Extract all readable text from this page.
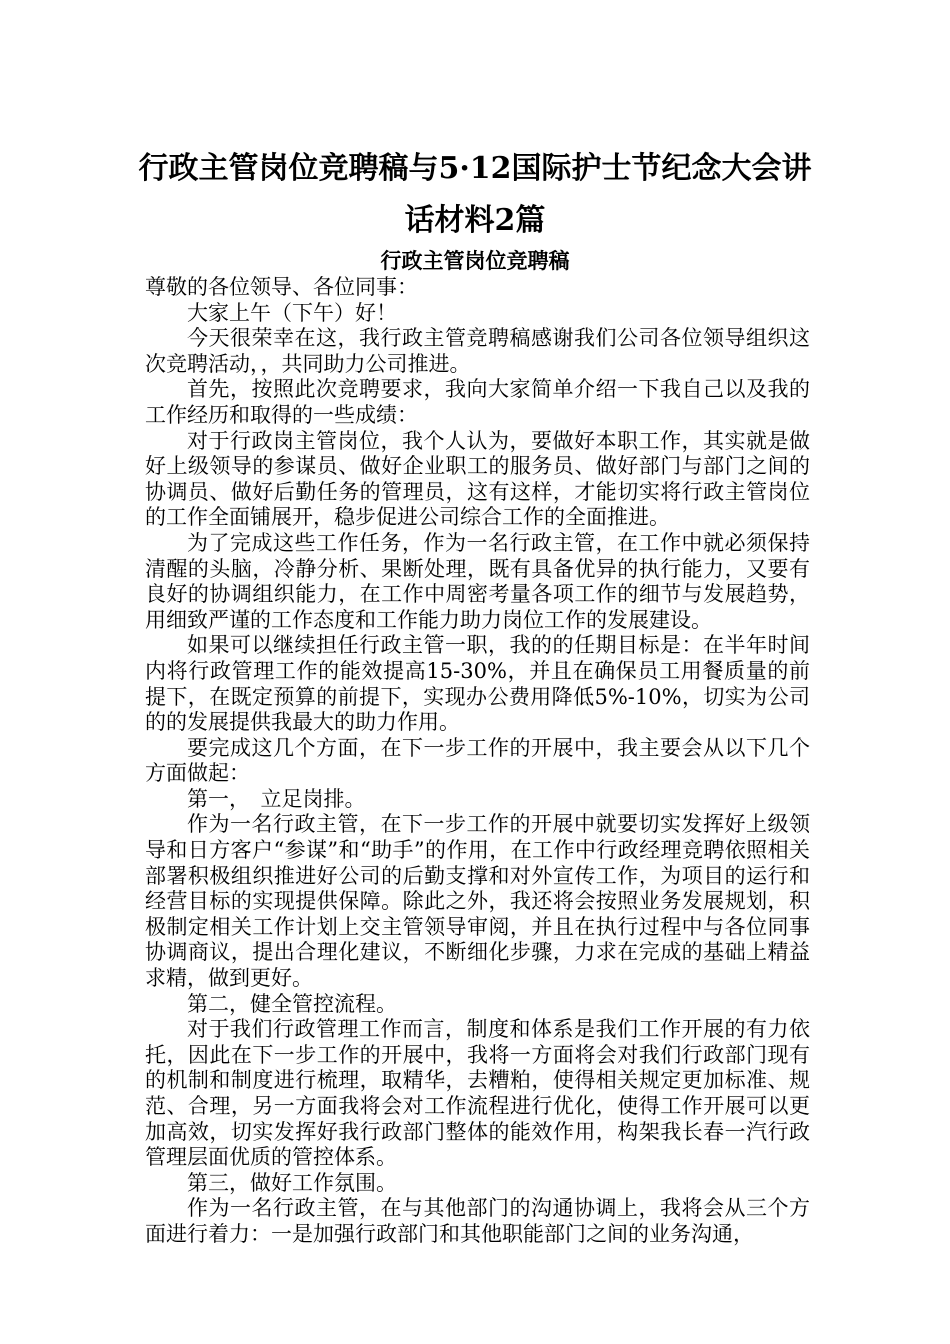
行政主管岗位竞聘稿与5·12国际护士节纪念大会讲话材料2篇
行政主管岗位竞聘稿

尊敬的各位领导、各位同事：

大家上午（下午）好！

今天很荣幸在这，我行政主管竞聘稿感谢我们公司各位领导组织这次竞聘活动，，共同助力公司推进。

首先，按照此次竞聘要求，我向大家简单介绍一下我自己以及我的工作经历和取得的一些成绩：

对于行政岗主管岗位，我个人认为，要做好本职工作，其实就是做好上级领导的参谋员、做好企业职工的服务员、做好部门与部门之间的协调员、做好后勤任务的管理员，这有这样，才能切实将行政主管岗位的工作全面铺展开，稳步促进公司综合工作的全面推进。

为了完成这些工作任务，作为一名行政主管，在工作中就必须保持清醒的头脑，冷静分析、果断处理，既有具备优异的执行能力，又要有良好的协调组织能力，在工作中周密考量各项工作的细节与发展趋势，用细致严谨的工作态度和工作能力助力岗位工作的发展建设。

如果可以继续担任行政主管一职，我的的任期目标是：在半年时间内将行政管理工作的能效提高15-30%，并且在确保员工用餐质量的前提下，在既定预算的前提下，实现办公费用降低5%-10%，切实为公司的的发展提供我最大的助力作用。

要完成这几个方面，在下一步工作的开展中，我主要会从以下几个方面做起：

第一，　立足岗排。

作为一名行政主管，在下一步工作的开展中就要切实发挥好上级领导和日方客户“参谋”和“助手”的作用，在工作中行政经理竞聘依照相关部署积极组织推进好公司的后勤支撑和对外宣传工作，为项目的运行和经营目标的实现提供保障。除此之外，我还将会按照业务发展规划，积极制定相关工作计划上交主管领导审阅，并且在执行过程中与各位同事协调商议，提出合理化建议，不断细化步骤，力求在完成的基础上精益求精，做到更好。

第二，健全管控流程。

对于我们行政管理工作而言，制度和体系是我们工作开展的有力依托，因此在下一步工作的开展中，我将一方面将会对我们行政部门现有的机制和制度进行梳理，取精华，去糟粕，使得相关规定更加标准、规范、合理，另一方面我将会对工作流程进行优化，使得工作开展可以更加高效，切实发挥好我行政部门整体的能效作用，构架我长春一汽行政管理层面优质的管控体系。

第三，做好工作氛围。

作为一名行政主管，在与其他部门的沟通协调上，我将会从三个方面进行着力：一是加强行政部门和其他职能部门之间的业务沟通，
